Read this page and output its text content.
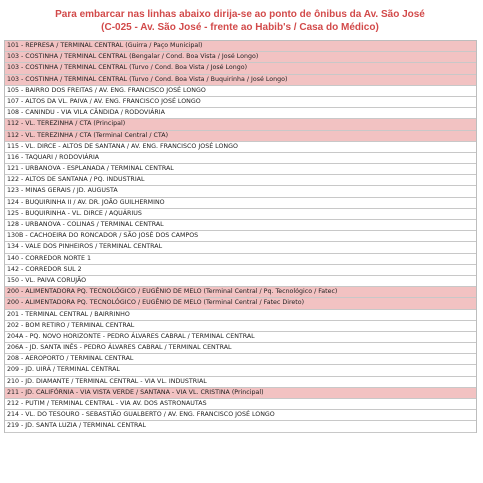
Para embarcar nas linhas abaixo dirija-se ao ponto de ônibus da Av. São José
(C-025 - Av. São José - frente ao Habib's / Casa do Médico)
101 - REPRESA / TERMINAL CENTRAL (Guirra / Paço Municipal)
103 - COSTINHA / TERMINAL CENTRAL (Bengalar / Cond. Boa Vista / José Longo)
103 - COSTINHA / TERMINAL CENTRAL (Turvo / Cond. Boa Vista / José Longo)
103 - COSTINHA / TERMINAL CENTRAL (Turvo / Cond. Boa Vista / Buquirinha / José Longo)
105 - BAIRRO DOS FREITAS / AV. ENG. FRANCISCO JOSÉ LONGO
107 - ALTOS DA VL. PAIVA / AV. ENG. FRANCISCO JOSÉ LONGO
108 - CANINDU - VIA VILA CÂNDIDA / RODOVIÁRIA
112 - VL. TEREZINHA / CTA (Principal)
112 - VL. TEREZINHA / CTA (Terminal Central / CTA)
115 - VL. DIRCE - ALTOS DE SANTANA / AV. ENG. FRANCISCO JOSÉ LONGO
116 - TAQUARI / RODOVIÁRIA
121 - URBANOVA - ESPLANADA / TERMINAL CENTRAL
122 - ALTOS DE SANTANA / PQ. INDUSTRIAL
123 - MINAS GERAIS / JD. AUGUSTA
124 - BUQUIRINHA II / AV. DR. JOÃO GUILHERMINO
125 - BUQUIRINHA - VL. DIRCE / AQUÁRIUS
128 - URBANOVA - COLINAS / TERMINAL CENTRAL
130B - CACHOEIRA DO RONCADOR / SÃO JOSÉ DOS CAMPOS
134 - VALE DOS PINHEIROS / TERMINAL CENTRAL
140 - CORREDOR NORTE 1
142 - CORREDOR SUL 2
150 - VL. PAIVA CORUJÃO
200 - ALIMENTADORA PQ. TECNOLÓGICO / EUGÊNIO DE MELO (Terminal Central / Pq. Tecnológico / Fatec)
200 - ALIMENTADORA PQ. TECNOLÓGICO / EUGÊNIO DE MELO (Terminal Central / Fatec Direto)
201 - TERMINAL CENTRAL / BAIRRINHO
202 - BOM RETIRO / TERMINAL CENTRAL
204A - PQ. NOVO HORIZONTE - PEDRO ÁLVARES CABRAL / TERMINAL CENTRAL
206A - JD. SANTA INÊS - PEDRO ÁLVARES CABRAL / TERMINAL CENTRAL
208 - AEROPORTO / TERMINAL CENTRAL
209 - JD. UIRÁ / TERMINAL CENTRAL
210 - JD. DIAMANTE / TERMINAL CENTRAL - VIA VL. INDUSTRIAL
211 - JD. CALIFÓRNIA - VIA VISTA VERDE / SANTANA - VIA VL. CRISTINA (Principal)
212 - PUTIM / TERMINAL CENTRAL - VIA AV. DOS ASTRONAUTAS
214 - VL. DO TESOURO - SEBASTIÃO GUALBERTO / AV. ENG. FRANCISCO JOSÉ LONGO
219 - JD. SANTA LUZIA / TERMINAL CENTRAL
